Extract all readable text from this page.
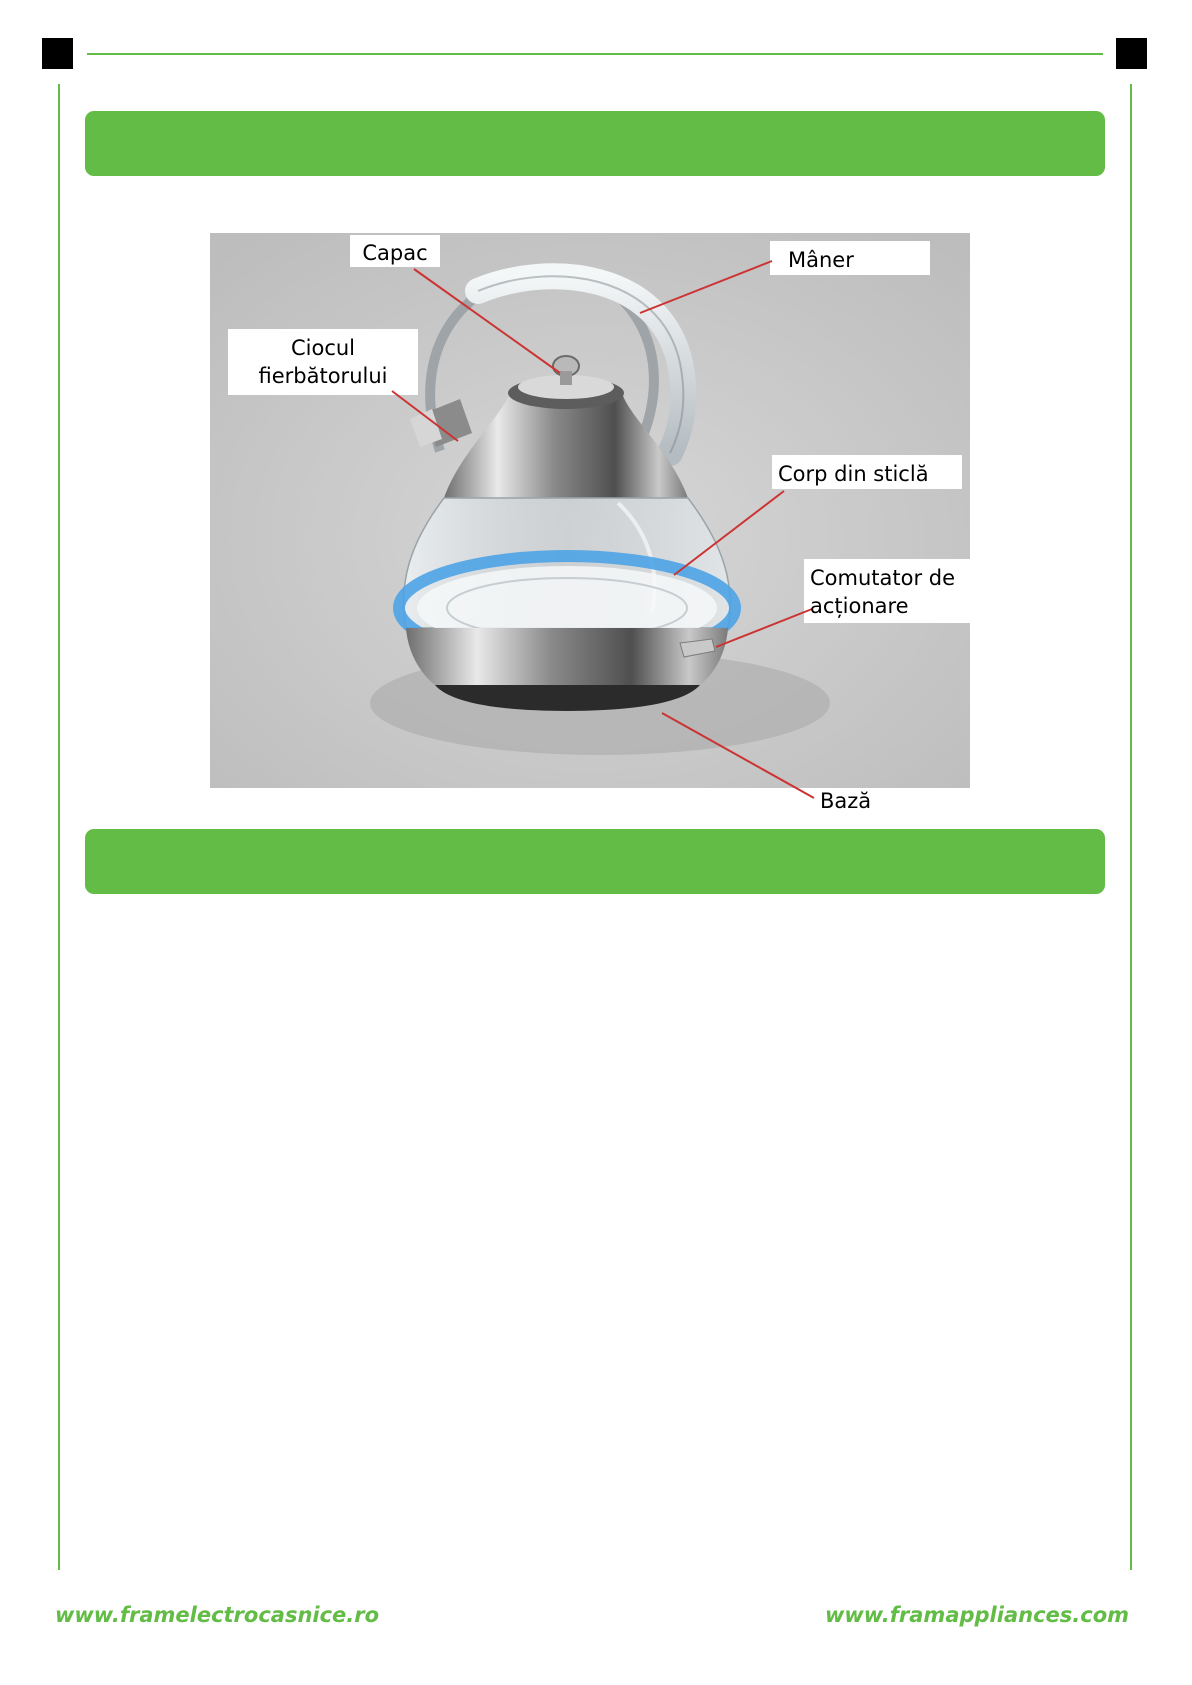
Capac	Mâner
Ciocul
fierbătorului
Corp din sticlă
Comutator de
acționare
Bază

www.framelectrocasnice.ro	www.framappliances.com
